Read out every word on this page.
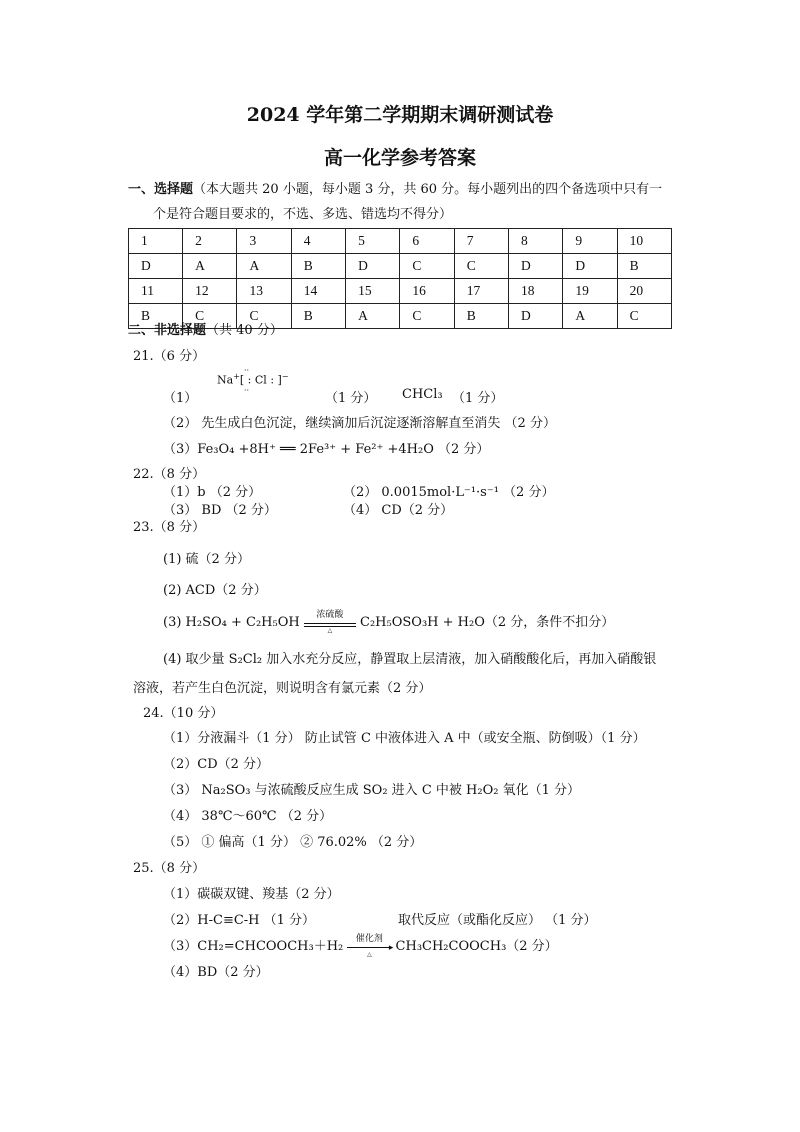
2024 学年第二学期期末调研测试卷
高一化学参考答案
一、选择题（本大题共 20 小题，每小题 3 分，共 60 分。每小题列出的四个备选项中只有一
个是符合题目要求的，不选、多选、错选均不得分）
1	2	3	4	5	6	7	8	9	10
D	A	A	B	D	C	C	D	D	B
11	12	13	14	15	16	17	18	19	20
B	C	C	B	A	C	B	D	A	C
二、非选择题（共 40 分）
21.（6 分）
（1）
Na+[ : Cl : ]−
··
··
（1 分） CHCl₃ （1 分）
（2） 先生成白色沉淀，继续滴加后沉淀逐渐溶解直至消失 （2 分）
（3）Fe₃O₄ +8H⁺ ══ 2Fe³⁺ + Fe²⁺ +4H₂O （2 分）
22.（8 分）
（1）b （2 分）	（2） 0.0015mol·L⁻¹·s⁻¹ （2 分）
（3） BD （2 分）	（4） CD（2 分）
23.（8 分）
(1) 硫（2 分）
(2) ACD（2 分）
(3) H₂SO₄ + C₂H₅OH
浓硫酸
△	C₂H₅OSO₃H + H₂O（2 分，条件不扣分）
(4) 取少量 S₂Cl₂ 加入水充分反应，静置取上层清液，加入硝酸酸化后，再加入硝酸银
溶液，若产生白色沉淀，则说明含有氯元素（2 分）
24.（10 分）
（1）分液漏斗（1 分） 防止试管 C 中液体进入 A 中（或安全瓶、防倒吸）（1 分）
（2）CD（2 分）
（3） Na₂SO₃ 与浓硫酸反应生成 SO₂ 进入 C 中被 H₂O₂ 氧化（1 分）
（4） 38℃～60℃ （2 分）
（5） ① 偏高（1 分） ② 76.02% （2 分）
25.（8 分）
（1）碳碳双键、羧基（2 分）
（2）H-C≡C-H （1 分）	取代反应（或酯化反应） （1 分）
（3）CH₂=CHCOOCH₃＋H₂
催化剂
▸
△	CH₃CH₂COOCH₃（2 分）
（4）BD（2 分）
